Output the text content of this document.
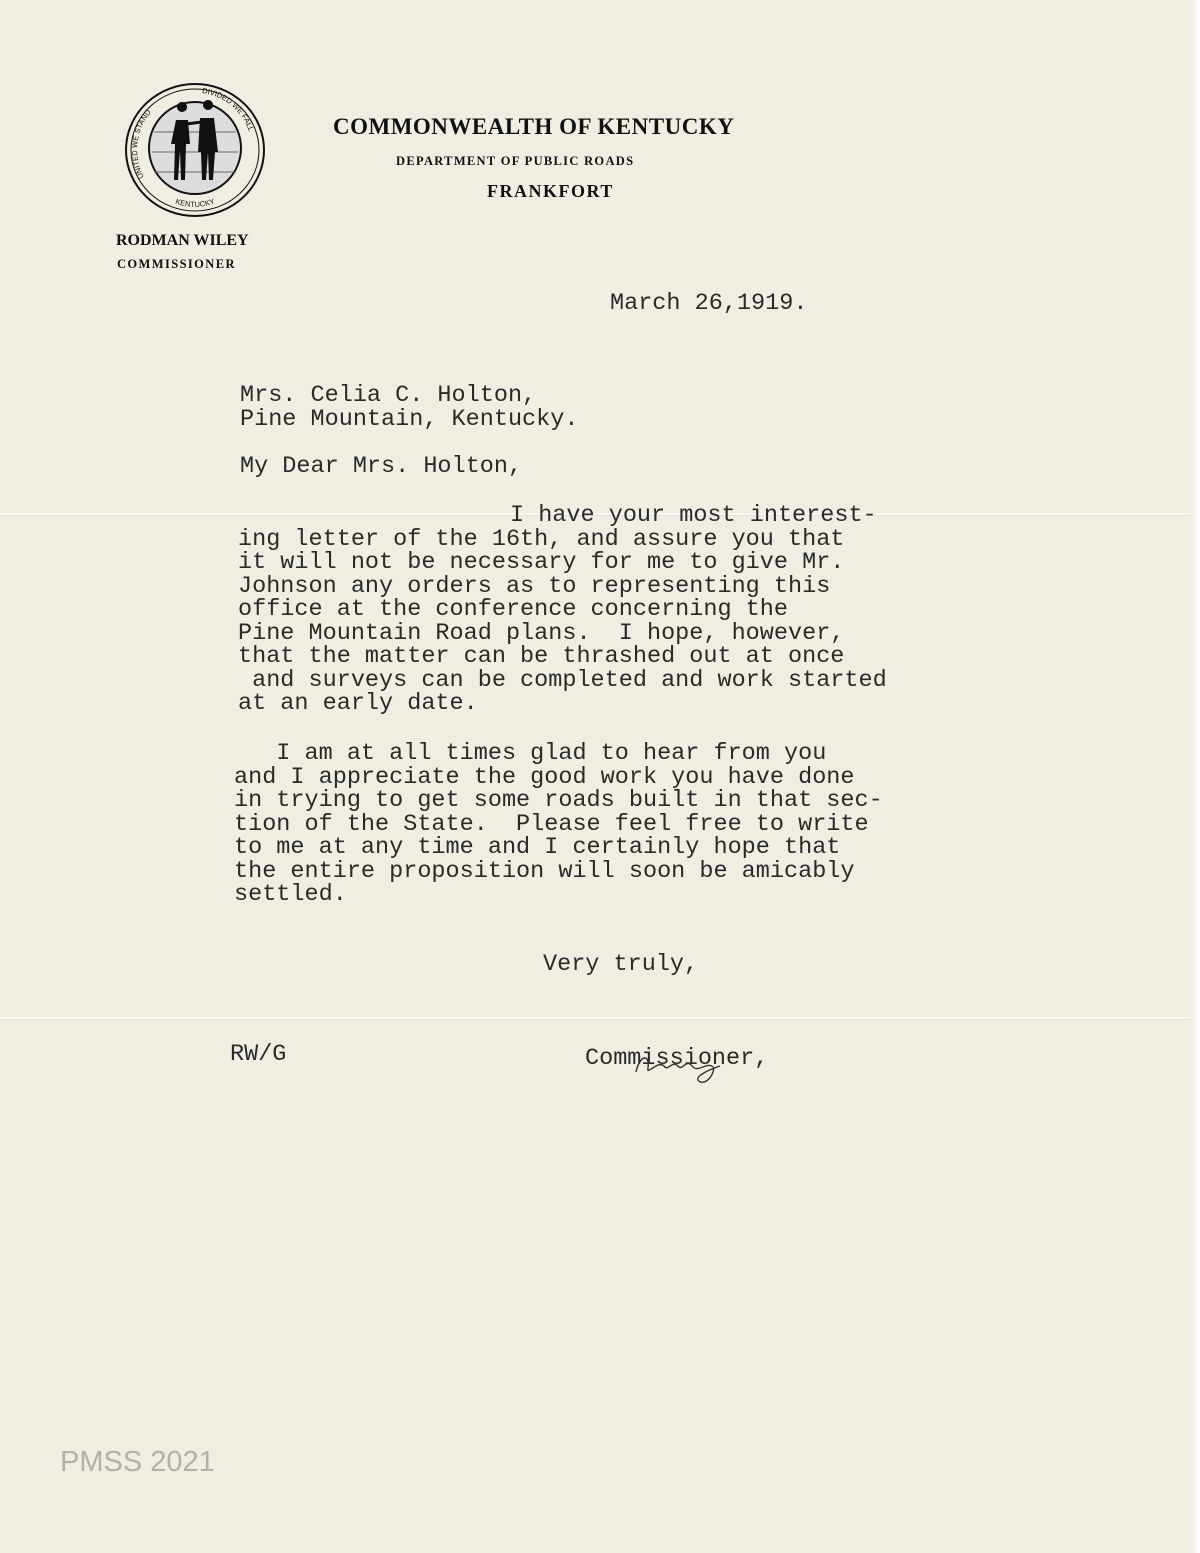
UNITED WE STAND
DIVIDED WE FALL
KENTUCKY
COMMONWEALTH OF KENTUCKY
DEPARTMENT OF PUBLIC ROADS
FRANKFORT
RODMAN WILEY
COMMISSIONER
March 26,1919.
Mrs. Celia C. Holton,
Pine Mountain, Kentucky.
My Dear Mrs. Holton,
I have your most interest-
ing letter of the 16th, and assure you that
it will not be necessary for me to give Mr.
Johnson any orders as to representing this
office at the conference concerning the
Pine Mountain Road plans.  I hope, however,
that the matter can be thrashed out at once
and surveys can be completed and work started
at an early date.
I am at all times glad to hear from you
and I appreciate the good work you have done
in trying to get some roads built in that sec-
tion of the State.  Please feel free to write
to me at any time and I certainly hope that
the entire proposition will soon be amicably
settled.
Very truly,
RW/G	Commissioner,
PMSS 2021
